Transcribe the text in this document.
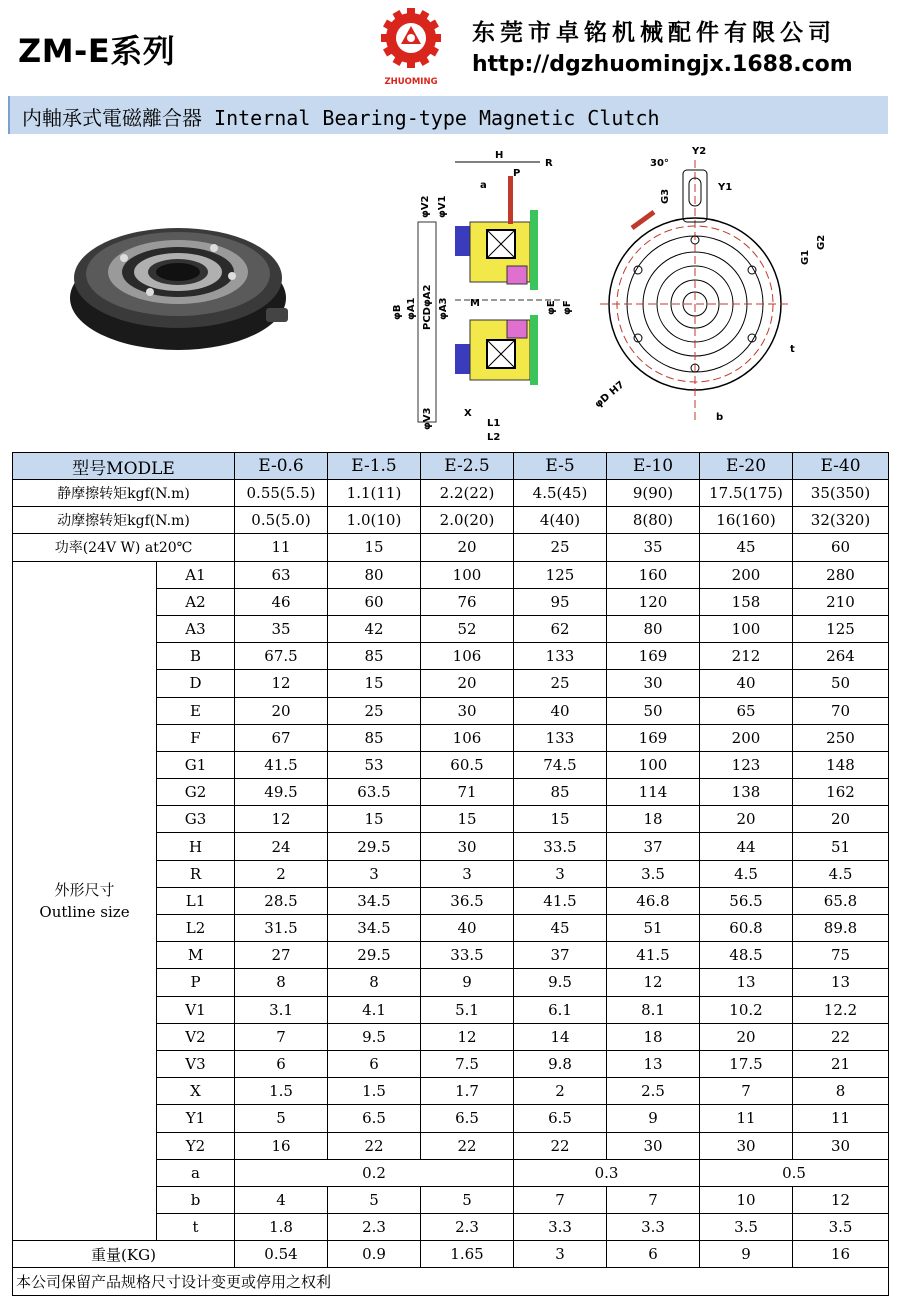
ZM-E系列
ZHUOMING
东莞市卓铭机械配件有限公司
http://dgzhuomingjx.1688.com
内軸承式電磁離合器 Internal Bearing-type Magnetic Clutch
H
R
a
P
M
φV2 φV1
φB φA1 PCDφA2 φA3	φE φF
φV3	X
L1
L2
30°
Y2
Y1
G3
G1
G2
t
φD H7
b
型号MODLE		E-0.6	E-1.5	E-2.5	E-5	E-10	E-20	E-40
静摩擦转矩kgf(N.m)		0.55(5.5)	1.1(11)	2.2(22)	4.5(45)	9(90)	17.5(175)	35(350)
动摩擦转矩kgf(N.m)		0.5(5.0)	1.0(10)	2.0(20)	4(40)	8(80)	16(160)	32(320)
功率(24V W) at20℃		11	15	20	25	35	45	60

外形尺寸
Outline size	A1	63	80	100	125	160	200	280
	A2	46	60	76	95	120	158	210
	A3	35	42	52	62	80	100	125
	B	67.5	85	106	133	169	212	264
	D	12	15	20	25	30	40	50
	E	20	25	30	40	50	65	70
	F	67	85	106	133	169	200	250
	G1	41.5	53	60.5	74.5	100	123	148
	G2	49.5	63.5	71	85	114	138	162
	G3	12	15	15	15	18	20	20
	H	24	29.5	30	33.5	37	44	51
	R	2	3	3	3	3.5	4.5	4.5
	L1	28.5	34.5	36.5	41.5	46.8	56.5	65.8
	L2	31.5	34.5	40	45	51	60.8	89.8
	M	27	29.5	33.5	37	41.5	48.5	75
	P	8	8	9	9.5	12	13	13
	V1	3.1	4.1	5.1	6.1	8.1	10.2	12.2
	V2	7	9.5	12	14	18	20	22
	V3	6	6	7.5	9.8	13	17.5	21
	X	1.5	1.5	1.7	2	2.5	7	8
	Y1	5	6.5	6.5	6.5	9	11	11
	Y2	16	22	22	22	30	30	30
	a	0.2			0.3		0.5	
	b	4	5	5	7	7	10	12
	t	1.8	2.3	2.3	3.3	3.3	3.5	3.5
重量(KG)		0.54	0.9	1.65	3	6	9	16
本公司保留产品规格尺寸设计变更或停用之权利								
